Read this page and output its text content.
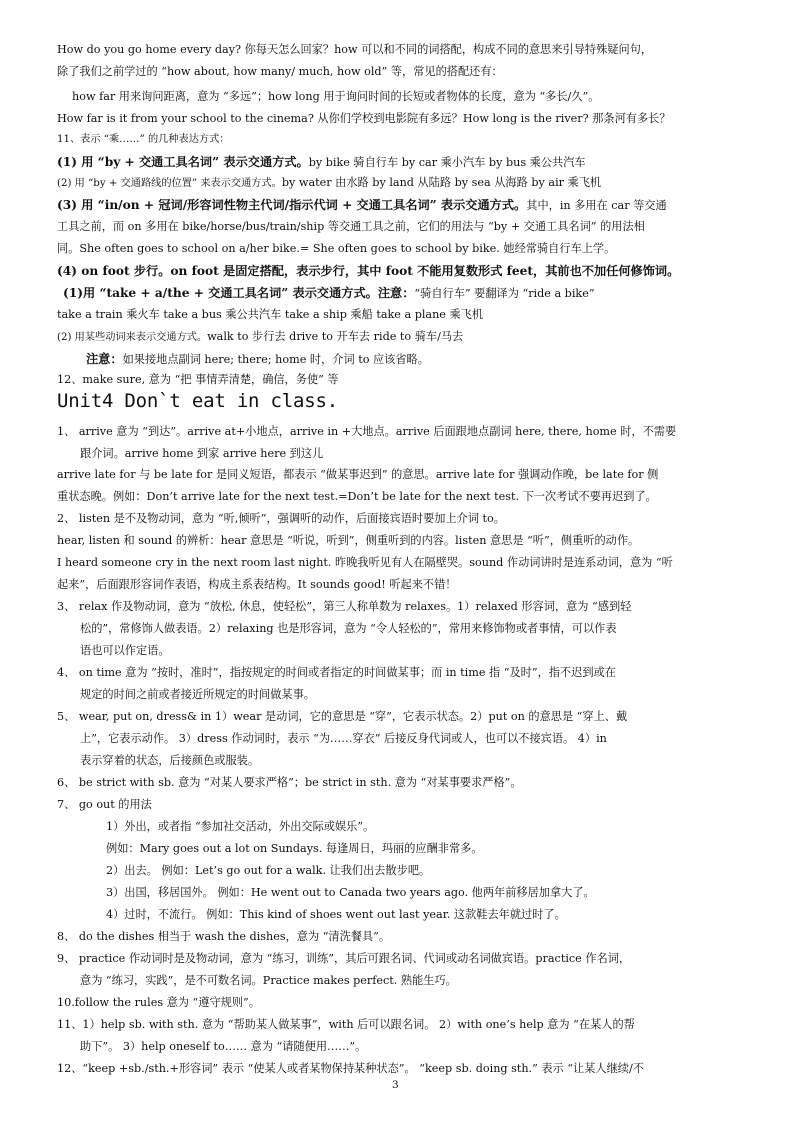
How do you go home every day? 你每天怎么回家？how 可以和不同的词搭配，构成不同的意思来引导特殊疑问句，
除了我们之前学过的 “how about, how many/ much, how old” 等，常见的搭配还有：
how far 用来询问距离，意为 “多远”；how long 用于询问时间的长短或者物体的长度，意为 “多长/久”。
How far is it from your school to the cinema? 从你们学校到电影院有多远？How long is the river? 那条河有多长？
11、表示 “乘……” 的几种表达方式：
(1) 用 “by + 交通工具名词” 表示交通方式。by bike 骑自行车 by car 乘小汽车 by bus 乘公共汽车
(2) 用 “by + 交通路线的位置” 来表示交通方式。by water 由水路 by land 从陆路 by sea 从海路 by air 乘飞机
(3) 用 “in/on + 冠词/形容词性物主代词/指示代词 + 交通工具名词” 表示交通方式。其中，in 多用在 car 等交通
工具之前，而 on 多用在 bike/horse/bus/train/ship 等交通工具之前，它们的用法与 “by + 交通工具名词” 的用法相
同。She often goes to school on a/her bike.= She often goes to school by bike. 她经常骑自行车上学。
(4) on foot 步行。on foot 是固定搭配，表示步行，其中 foot 不能用复数形式 feet，其前也不加任何修饰词。
(1)用 “take + a/the + 交通工具名词” 表示交通方式。注意：“骑自行车” 要翻译为 “ride a bike”
take a train 乘火车 take a bus 乘公共汽车 take a ship 乘船 take a plane 乘飞机
(2) 用某些动词来表示交通方式。walk to 步行去 drive to 开车去 ride to 骑车/马去
注意：如果接地点副词 here; there; home 时，介词 to 应该省略。
12、make sure, 意为 “把 事情弄清楚，确信，务使” 等
Unit4 Don`t eat in class.
1、 arrive 意为 “到达”。arrive at+小地点，arrive in +大地点。arrive 后面跟地点副词 here, there, home 时，不需要
跟介词。arrive home 到家 arrive here 到这儿
arrive late for 与 be late for 是同义短语，都表示 “做某事迟到” 的意思。arrive late for 强调动作晚，be late for 侧
重状态晚。例如：Don’t arrive late for the next test.=Don’t be late for the next test. 下一次考试不要再迟到了。
2、 listen 是不及物动词，意为 “听,倾听”，强调听的动作，后面接宾语时要加上介词 to。
hear, listen 和 sound 的辨析：hear 意思是 “听说，听到”，侧重听到的内容。listen 意思是 “听”，侧重听的动作。
I heard someone cry in the next room last night. 昨晚我听见有人在隔壁哭。sound 作动词讲时是连系动词，意为 “听
起来”，后面跟形容词作表语，构成主系表结构。It sounds good! 听起来不错！
3、 relax 作及物动词，意为 “放松, 休息，使轻松”，第三人称单数为 relaxes。1）relaxed 形容词，意为 “感到轻
松的”，常修饰人做表语。2）relaxing 也是形容词，意为 “令人轻松的”，常用来修饰物或者事情，可以作表
语也可以作定语。
4、 on time 意为 “按时，准时”，指按规定的时间或者指定的时间做某事；而 in time 指 “及时”，指不迟到或在
规定的时间之前或者接近所规定的时间做某事。
5、 wear, put on, dress& in 1）wear 是动词，它的意思是 “穿”，它表示状态。2）put on 的意思是 “穿上、戴
上”，它表示动作。 3）dress 作动词时，表示 “为……穿衣” 后接反身代词或人，也可以不接宾语。 4）in
表示穿着的状态，后接颜色或服装。
6、 be strict with sb. 意为 “对某人要求严格”；be strict in sth. 意为 “对某事要求严格”。
7、 go out 的用法
1）外出，或者指 “参加社交活动，外出交际或娱乐”。
例如：Mary goes out a lot on Sundays. 每逢周日，玛丽的应酬非常多。
2）出去。 例如：Let’s go out for a walk. 让我们出去散步吧。
3）出国，移居国外。 例如：He went out to Canada two years ago. 他两年前移居加拿大了。
4）过时，不流行。 例如：This kind of shoes went out last year. 这款鞋去年就过时了。
8、 do the dishes 相当于 wash the dishes，意为 “清洗餐具”。
9、 practice 作动词时是及物动词，意为 “练习，训练”，其后可跟名词、代词或动名词做宾语。practice 作名词，
意为 “练习，实践”，是不可数名词。Practice makes perfect. 熟能生巧。
10.follow the rules 意为 “遵守规则”。
11、1）help sb. with sth. 意为 “帮助某人做某事”，with 后可以跟名词。 2）with one’s help 意为 “在某人的帮
助下”。 3）help oneself to…… 意为 “请随便用……”。
12、“keep +sb./sth.+形容词” 表示 “使某人或者某物保持某种状态”。 “keep sb. doing sth.” 表示 “让某人继续/不
3
